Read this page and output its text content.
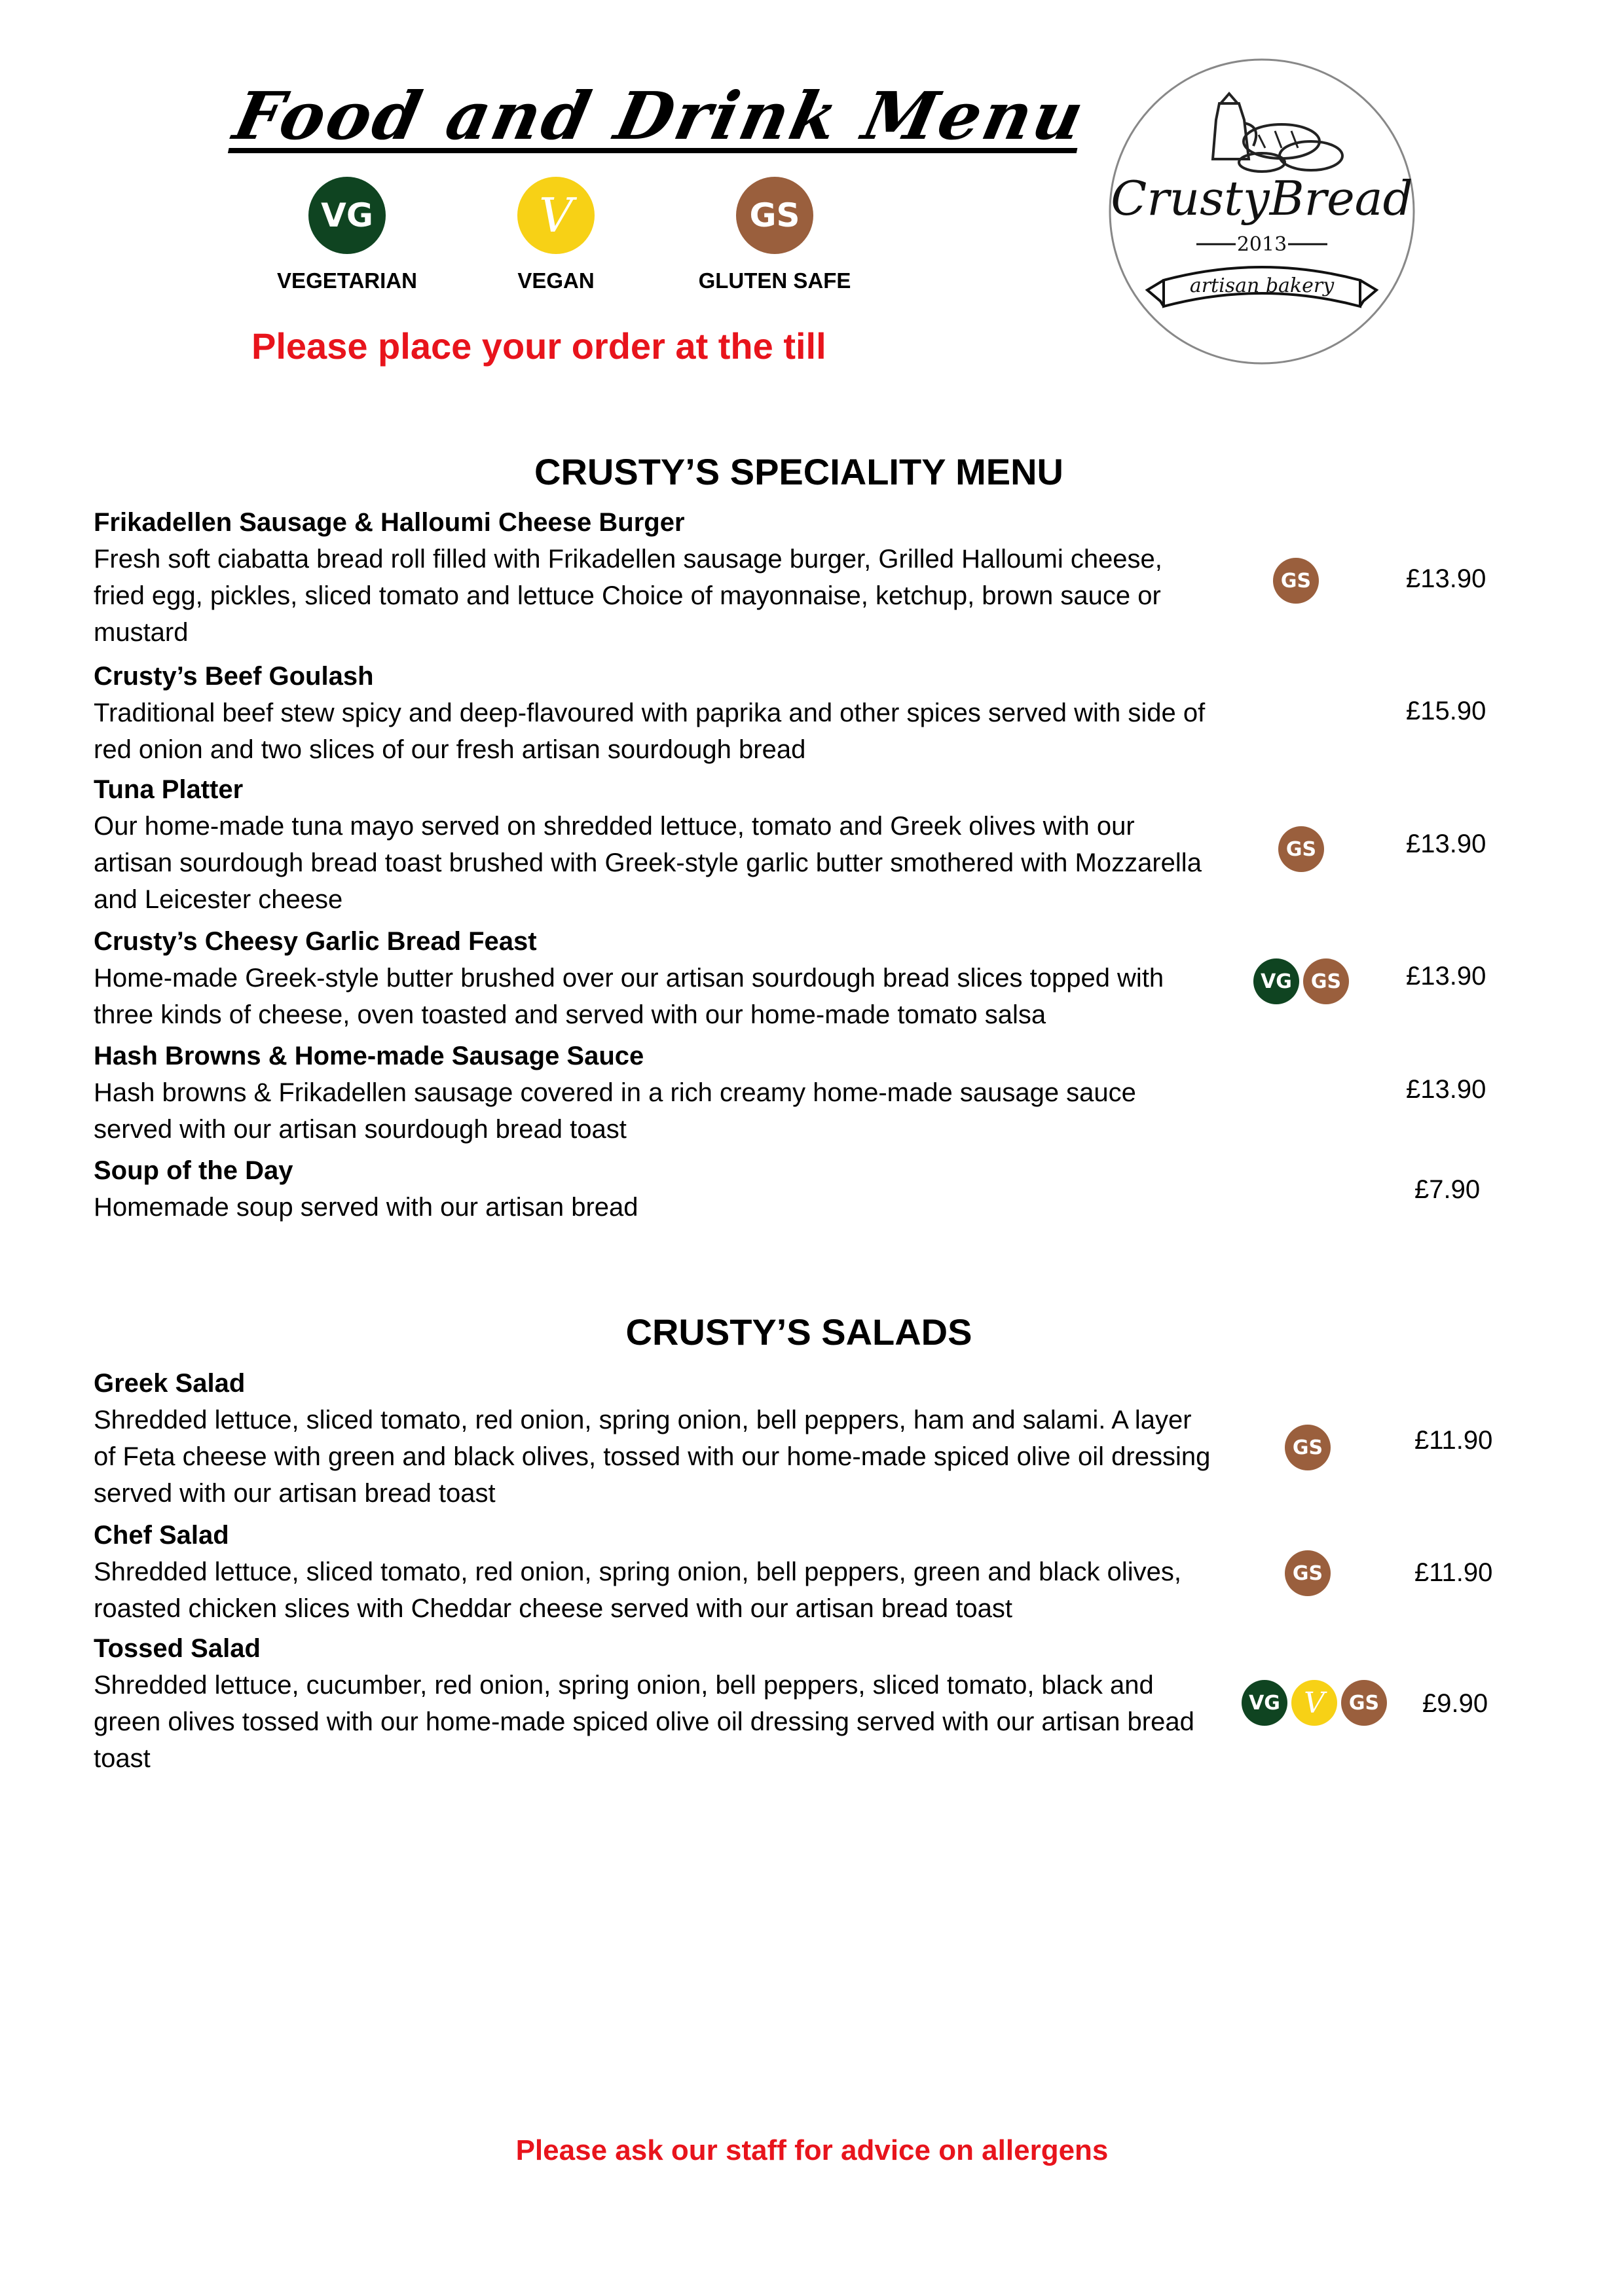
Food and Drink Menu
VG
VEGETARIAN
V
VEGAN
GS
GLUTEN SAFE
Please place your order at the till
CrustyBread
2013
artisan bakery
CRUSTY’S SPECIALITY MENU
Frikadellen Sausage & Halloumi Cheese Burger
Fresh soft ciabatta bread roll filled with Frikadellen sausage burger, Grilled Halloumi cheese, fried egg, pickles, sliced tomato and lettuce Choice of mayonnaise, ketchup, brown sauce or mustard
GS	£13.90
Crusty’s Beef Goulash
Traditional beef stew spicy and deep-flavoured with paprika and other spices served with side of red onion and two slices of our fresh artisan sourdough bread
£15.90
Tuna Platter
Our home-made tuna mayo served on shredded lettuce, tomato and Greek olives with our artisan sourdough bread toast brushed with Greek-style garlic butter smothered with Mozzarella and Leicester cheese
GS	£13.90
Crusty’s Cheesy Garlic Bread Feast
Home-made Greek-style butter brushed over our artisan sourdough bread slices topped with three kinds of cheese, oven toasted and served with our home-made tomato salsa
VG GS £13.90
Hash Browns & Home-made Sausage Sauce
Hash browns & Frikadellen sausage covered in a rich creamy home-made sausage sauce served with our artisan sourdough bread toast
£13.90
Soup of the Day
Homemade soup served with our artisan bread
£7.90
CRUSTY’S SALADS
Greek Salad
Shredded lettuce, sliced tomato, red onion, spring onion, bell peppers, ham and salami. A layer of Feta cheese with green and black olives, tossed with our home-made spiced olive oil dressing served with our artisan bread toast
GS	£11.90
Chef Salad
Shredded lettuce, sliced tomato, red onion, spring onion, bell peppers, green and black olives, roasted chicken slices with Cheddar cheese served with our artisan bread toast
GS	£11.90
Tossed Salad
Shredded lettuce, cucumber, red onion, spring onion, bell peppers, sliced tomato, black and green olives tossed with our home-made spiced olive oil dressing served with our artisan bread toast
VG V	GS £9.90
Please ask our staff for advice on allergens
